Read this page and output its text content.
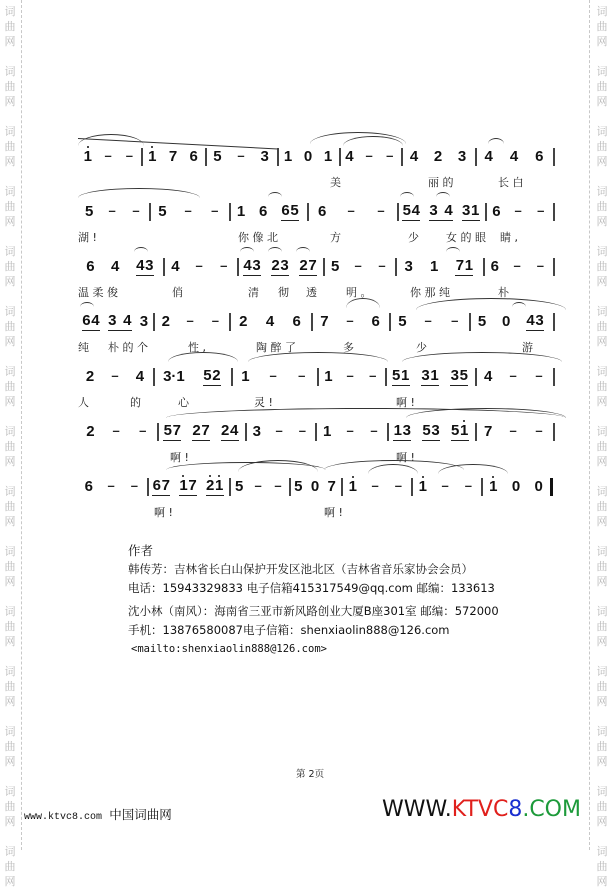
词
曲
网
词
曲
网
词
曲
网
词
曲
网
词
曲
网
词
曲
网
词
曲
网
词
曲
网
词
曲
网
词
曲
网
词
曲
网
词
曲
网
词
曲
网
词
曲
网
词
曲
网
词
曲
网
词
曲
网
词
曲
网
词
曲
网
词
曲
网
词
曲
网
词
曲
网
词
曲
网
词
曲
网
词
曲
网
词
曲
网
词
曲
网
词
曲
网
词
曲
网
词
曲
网
1 – – 1 7 6 5 – 3 1 0 1 4 – – 4 2 3 4 4 6
美	丽 的	长 白
5 – – 5 – – 1 6 6 5 6 – – 5 4 3 4 3 1 6 – –
湖 !	你 像 北	方	少 女 的 眼 睛 ,
6 4 4 3 4 – – 4 3 2 3 2 7 5 – – 3 1 7 1 6 – –
温 柔 俊	俏	清 彻 透	明 。	你 那 纯	朴
6 4 3 4 3 2 – – 2 4 6 7 – 6 5 – – 5 0 4 3
纯 朴 的 个	性 ,	陶 醉 了	多	少	游
2 – 4 3·1 5 2 1 – – 1 – – 5 1 3 1 3 5 4 – –
人	的	心	灵 !	啊 !
2 – – 5 7 2 7 2 4 3 – – 1 – – 1 3 5 3 5 1 7 – –
啊 !	啊 !
6 – – 6 7 1 7 2 1 5 – – 5 0 7 1 – – 1 – – 1 0 0
啊 !	啊 !
作者
韩传芳：吉林省长白山保护开发区池北区（吉林省音乐家协会会员）
电话：15943329833 电子信箱415317549@qq.com 邮编：133613
沈小林（南风）：海南省三亚市新风路创业大厦B座301室 邮编：572000
手机：13876580087电子信箱：shenxiaolin888@126.com
<mailto:shenxiaolin888@126.com>
第 2页
www.ktvc8.com 中国词曲网	WWW.KTVC8.COM
